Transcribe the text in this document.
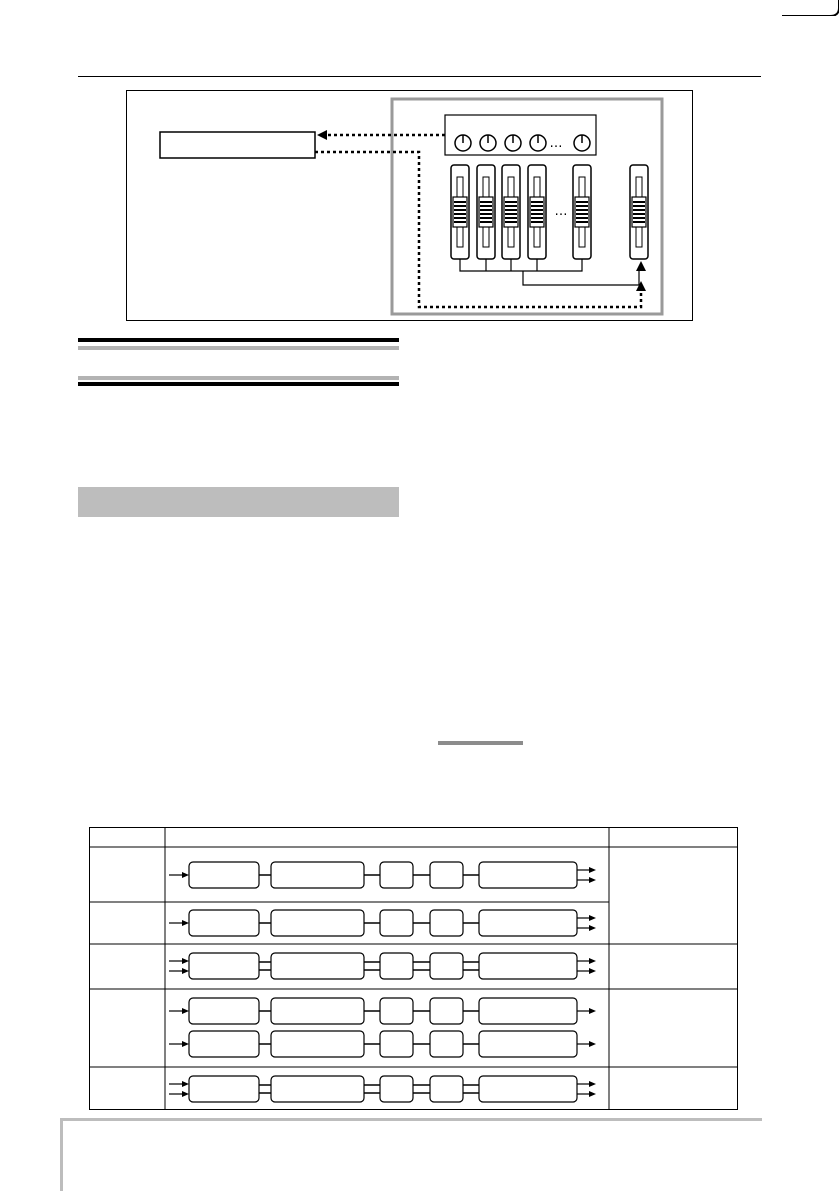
…
…
